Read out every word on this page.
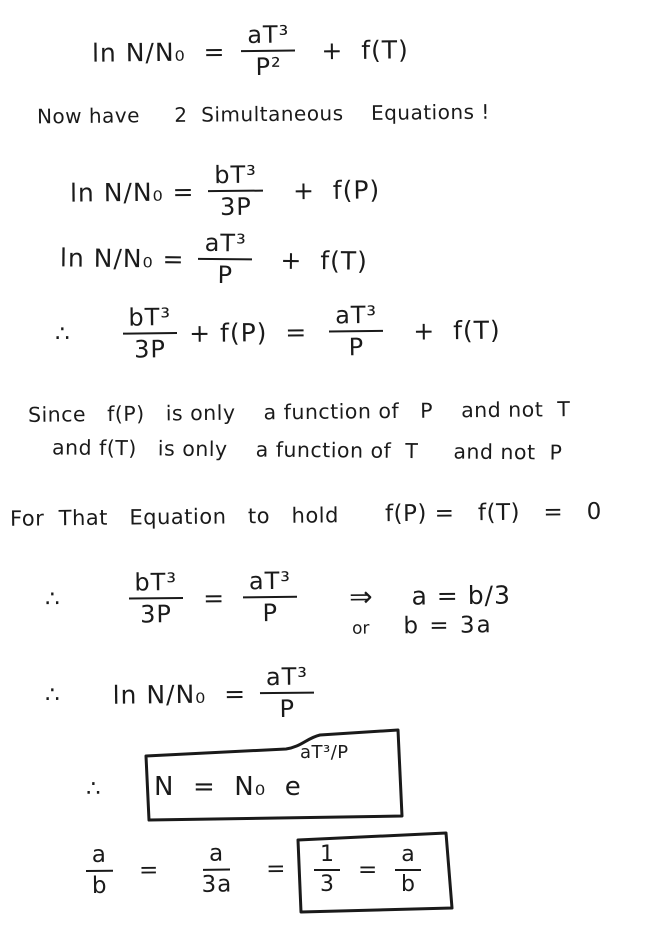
$\ln N/N_0 = \frac{\text{aT³}}{\text{P²}} + f(T)$
Now have     2  Simultaneous    Equations !
$\ln N/N_0 = \frac{\text{bT³}}{3P} + f(P)$
$\ln N/N_0 = \frac{\text{aT³}}{P} + f(T)$
∴ $\frac{\text{bT³}}{3P} + f(P) = \frac{\text{aT³}}{P} + f(T)$
Since   f(P)   is only    a function of   P    and not  T
and f(T)   is only    a function of  T     and not  P
For  That   Equation   to   hold f(P) =   f(T)   =   0
∴	$\frac{\text{bT³}}{3P} = \frac{\text{aT³}}{P}$ ⇒ a = b/3
or b = 3a
∴ $\ln N/N_0 = \frac{\text{aT³}}{P}$
∴ N  =  N₀  e
aT³/P
$\frac{a}{b} = \frac{a}{3a} = \frac{1}{3} = \frac{a}{b}$
